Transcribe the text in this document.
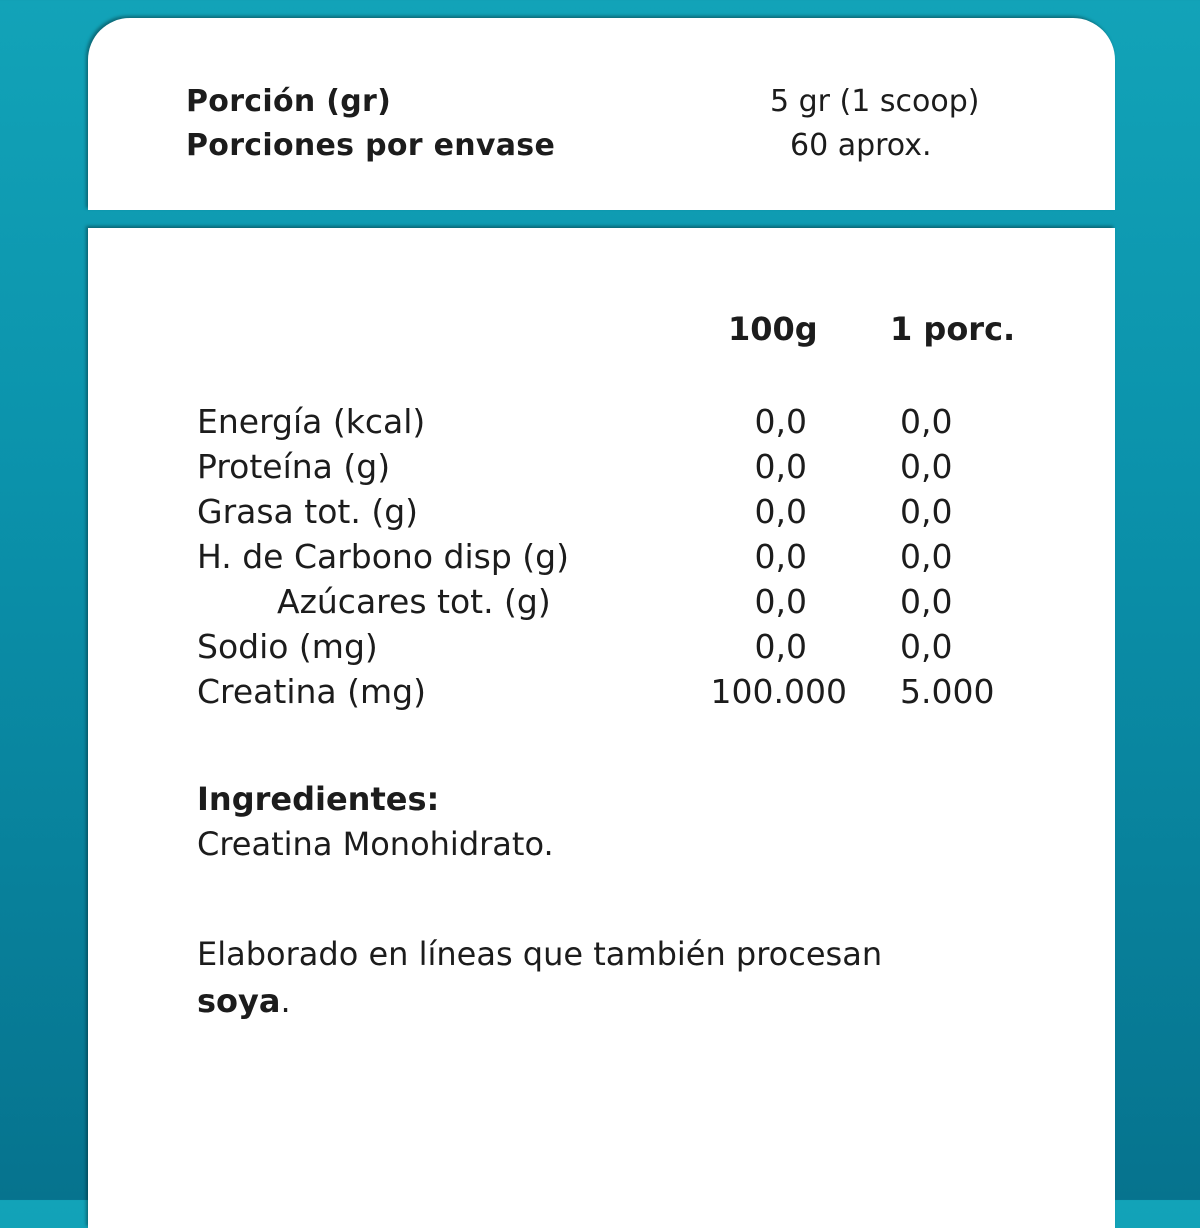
Porción (gr)	5 gr (1 scoop)
Porciones por envase	60 aprox.
100g 1 porc.
Energía (kcal)	0,0	0,0
Proteína (g)	0,0	0,0
Grasa tot. (g)	0,0	0,0
H. de Carbono disp (g)	0,0	0,0
Azúcares tot. (g)	0,0	0,0
Sodio (mg)	0,0	0,0
Creatina (mg)	100.000 5.000
Ingredientes:
Creatina Monohidrato.
Elaborado en líneas que también procesan
soya.
